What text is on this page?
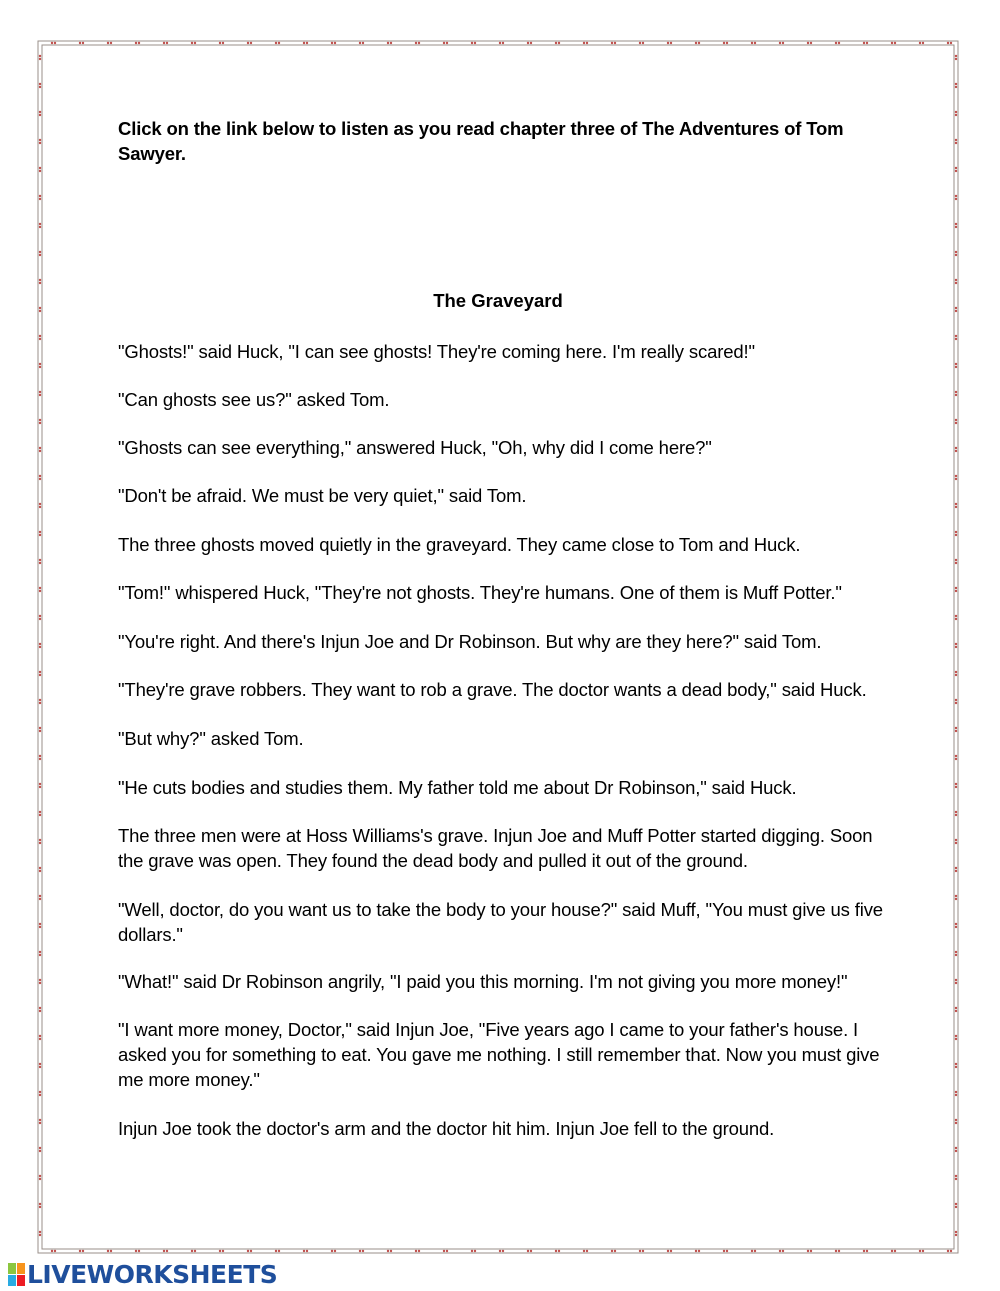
Click on the link below to listen as you read chapter three of The Adventures of Tom Sawyer.
The Graveyard
"Ghosts!" said Huck, "I can see ghosts! They're coming here. I'm really scared!"
"Can ghosts see us?" asked Tom.
"Ghosts can see everything," answered Huck, "Oh, why did I come here?"
"Don't be afraid. We must be very quiet," said Tom.
The three ghosts moved quietly in the graveyard. They came close to Tom and Huck.
"Tom!" whispered Huck, "They're not ghosts. They're humans. One of them is Muff Potter."
"You're right. And there's Injun Joe and Dr Robinson. But why are they here?" said Tom.
"They're grave robbers. They want to rob a grave. The doctor wants a dead body," said Huck.
"But why?" asked Tom.
"He cuts bodies and studies them. My father told me about Dr Robinson," said Huck.
The three men were at Hoss Williams's grave. Injun Joe and Muff Potter started digging. Soon the grave was open. They found the dead body and pulled it out of the ground.
"Well, doctor, do you want us to take the body to your house?" said Muff, "You must give us five dollars."
"What!" said Dr Robinson angrily, "I paid you this morning. I'm not giving you more money!"
"I want more money, Doctor," said Injun Joe, "Five years ago I came to your father's house. I asked you for something to eat. You gave me nothing. I still remember that. Now you must give me more money."
Injun Joe took the doctor's arm and the doctor hit him. Injun Joe fell to the ground.
LIVEWORKSHEETS
